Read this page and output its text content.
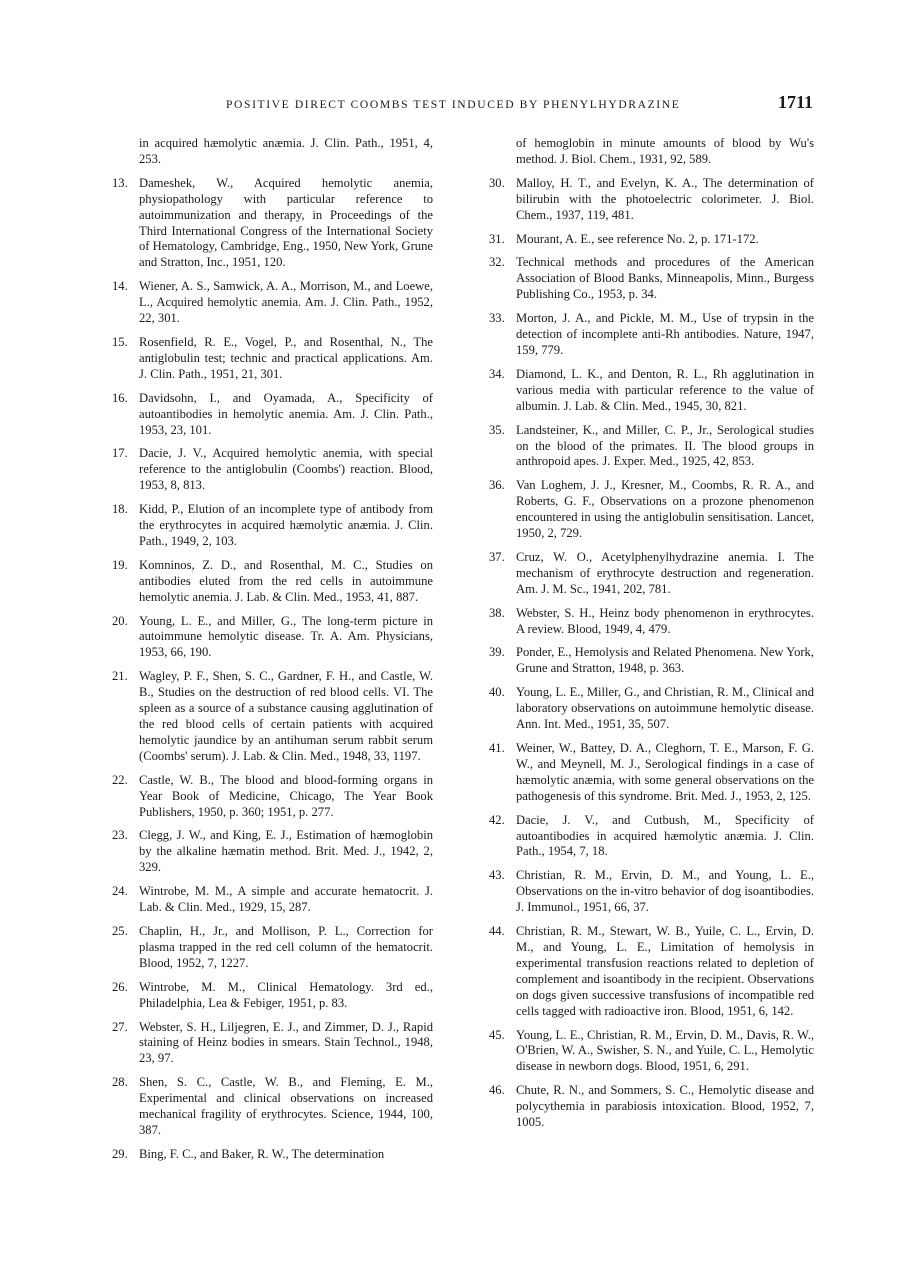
POSITIVE DIRECT COOMBS TEST INDUCED BY PHENYLHYDRAZINE	1711
in acquired hæmolytic anæmia. J. Clin. Path., 1951, 4, 253.
13. Dameshek, W., Acquired hemolytic anemia, physiopathology with particular reference to autoimmunization and therapy, in Proceedings of the Third International Congress of the International Society of Hematology, Cambridge, Eng., 1950, New York, Grune and Stratton, Inc., 1951, 120.
14. Wiener, A. S., Samwick, A. A., Morrison, M., and Loewe, L., Acquired hemolytic anemia. Am. J. Clin. Path., 1952, 22, 301.
15. Rosenfield, R. E., Vogel, P., and Rosenthal, N., The antiglobulin test; technic and practical applications. Am. J. Clin. Path., 1951, 21, 301.
16. Davidsohn, I., and Oyamada, A., Specificity of autoantibodies in hemolytic anemia. Am. J. Clin. Path., 1953, 23, 101.
17. Dacie, J. V., Acquired hemolytic anemia, with special reference to the antiglobulin (Coombs') reaction. Blood, 1953, 8, 813.
18. Kidd, P., Elution of an incomplete type of antibody from the erythrocytes in acquired hæmolytic anæmia. J. Clin. Path., 1949, 2, 103.
19. Komninos, Z. D., and Rosenthal, M. C., Studies on antibodies eluted from the red cells in autoimmune hemolytic anemia. J. Lab. & Clin. Med., 1953, 41, 887.
20. Young, L. E., and Miller, G., The long-term picture in autoimmune hemolytic disease. Tr. A. Am. Physicians, 1953, 66, 190.
21. Wagley, P. F., Shen, S. C., Gardner, F. H., and Castle, W. B., Studies on the destruction of red blood cells. VI. The spleen as a source of a substance causing agglutination of the red blood cells of certain patients with acquired hemolytic jaundice by an antihuman serum rabbit serum (Coombs' serum). J. Lab. & Clin. Med., 1948, 33, 1197.
22. Castle, W. B., The blood and blood-forming organs in Year Book of Medicine, Chicago, The Year Book Publishers, 1950, p. 360; 1951, p. 277.
23. Clegg, J. W., and King, E. J., Estimation of hæmoglobin by the alkaline hæmatin method. Brit. Med. J., 1942, 2, 329.
24. Wintrobe, M. M., A simple and accurate hematocrit. J. Lab. & Clin. Med., 1929, 15, 287.
25. Chaplin, H., Jr., and Mollison, P. L., Correction for plasma trapped in the red cell column of the hematocrit. Blood, 1952, 7, 1227.
26. Wintrobe, M. M., Clinical Hematology. 3rd ed., Philadelphia, Lea & Febiger, 1951, p. 83.
27. Webster, S. H., Liljegren, E. J., and Zimmer, D. J., Rapid staining of Heinz bodies in smears. Stain Technol., 1948, 23, 97.
28. Shen, S. C., Castle, W. B., and Fleming, E. M., Experimental and clinical observations on increased mechanical fragility of erythrocytes. Science, 1944, 100, 387.
29. Bing, F. C., and Baker, R. W., The determination
of hemoglobin in minute amounts of blood by Wu's method. J. Biol. Chem., 1931, 92, 589.
30. Malloy, H. T., and Evelyn, K. A., The determination of bilirubin with the photoelectric colorimeter. J. Biol. Chem., 1937, 119, 481.
31. Mourant, A. E., see reference No. 2, p. 171-172.
32. Technical methods and procedures of the American Association of Blood Banks, Minneapolis, Minn., Burgess Publishing Co., 1953, p. 34.
33. Morton, J. A., and Pickle, M. M., Use of trypsin in the detection of incomplete anti-Rh antibodies. Nature, 1947, 159, 779.
34. Diamond, L. K., and Denton, R. L., Rh agglutination in various media with particular reference to the value of albumin. J. Lab. & Clin. Med., 1945, 30, 821.
35. Landsteiner, K., and Miller, C. P., Jr., Serological studies on the blood of the primates. II. The blood groups in anthropoid apes. J. Exper. Med., 1925, 42, 853.
36. Van Loghem, J. J., Kresner, M., Coombs, R. R. A., and Roberts, G. F., Observations on a prozone phenomenon encountered in using the antiglobulin sensitisation. Lancet, 1950, 2, 729.
37. Cruz, W. O., Acetylphenylhydrazine anemia. I. The mechanism of erythrocyte destruction and regeneration. Am. J. M. Sc., 1941, 202, 781.
38. Webster, S. H., Heinz body phenomenon in erythrocytes. A review. Blood, 1949, 4, 479.
39. Ponder, E., Hemolysis and Related Phenomena. New York, Grune and Stratton, 1948, p. 363.
40. Young, L. E., Miller, G., and Christian, R. M., Clinical and laboratory observations on autoimmune hemolytic disease. Ann. Int. Med., 1951, 35, 507.
41. Weiner, W., Battey, D. A., Cleghorn, T. E., Marson, F. G. W., and Meynell, M. J., Serological findings in a case of hæmolytic anæmia, with some general observations on the pathogenesis of this syndrome. Brit. Med. J., 1953, 2, 125.
42. Dacie, J. V., and Cutbush, M., Specificity of autoantibodies in acquired hæmolytic anæmia. J. Clin. Path., 1954, 7, 18.
43. Christian, R. M., Ervin, D. M., and Young, L. E., Observations on the in-vitro behavior of dog isoantibodies. J. Immunol., 1951, 66, 37.
44. Christian, R. M., Stewart, W. B., Yuile, C. L., Ervin, D. M., and Young, L. E., Limitation of hemolysis in experimental transfusion reactions related to depletion of complement and isoantibody in the recipient. Observations on dogs given successive transfusions of incompatible red cells tagged with radioactive iron. Blood, 1951, 6, 142.
45. Young, L. E., Christian, R. M., Ervin, D. M., Davis, R. W., O'Brien, W. A., Swisher, S. N., and Yuile, C. L., Hemolytic disease in newborn dogs. Blood, 1951, 6, 291.
46. Chute, R. N., and Sommers, S. C., Hemolytic disease and polycythemia in parabiosis intoxication. Blood, 1952, 7, 1005.
